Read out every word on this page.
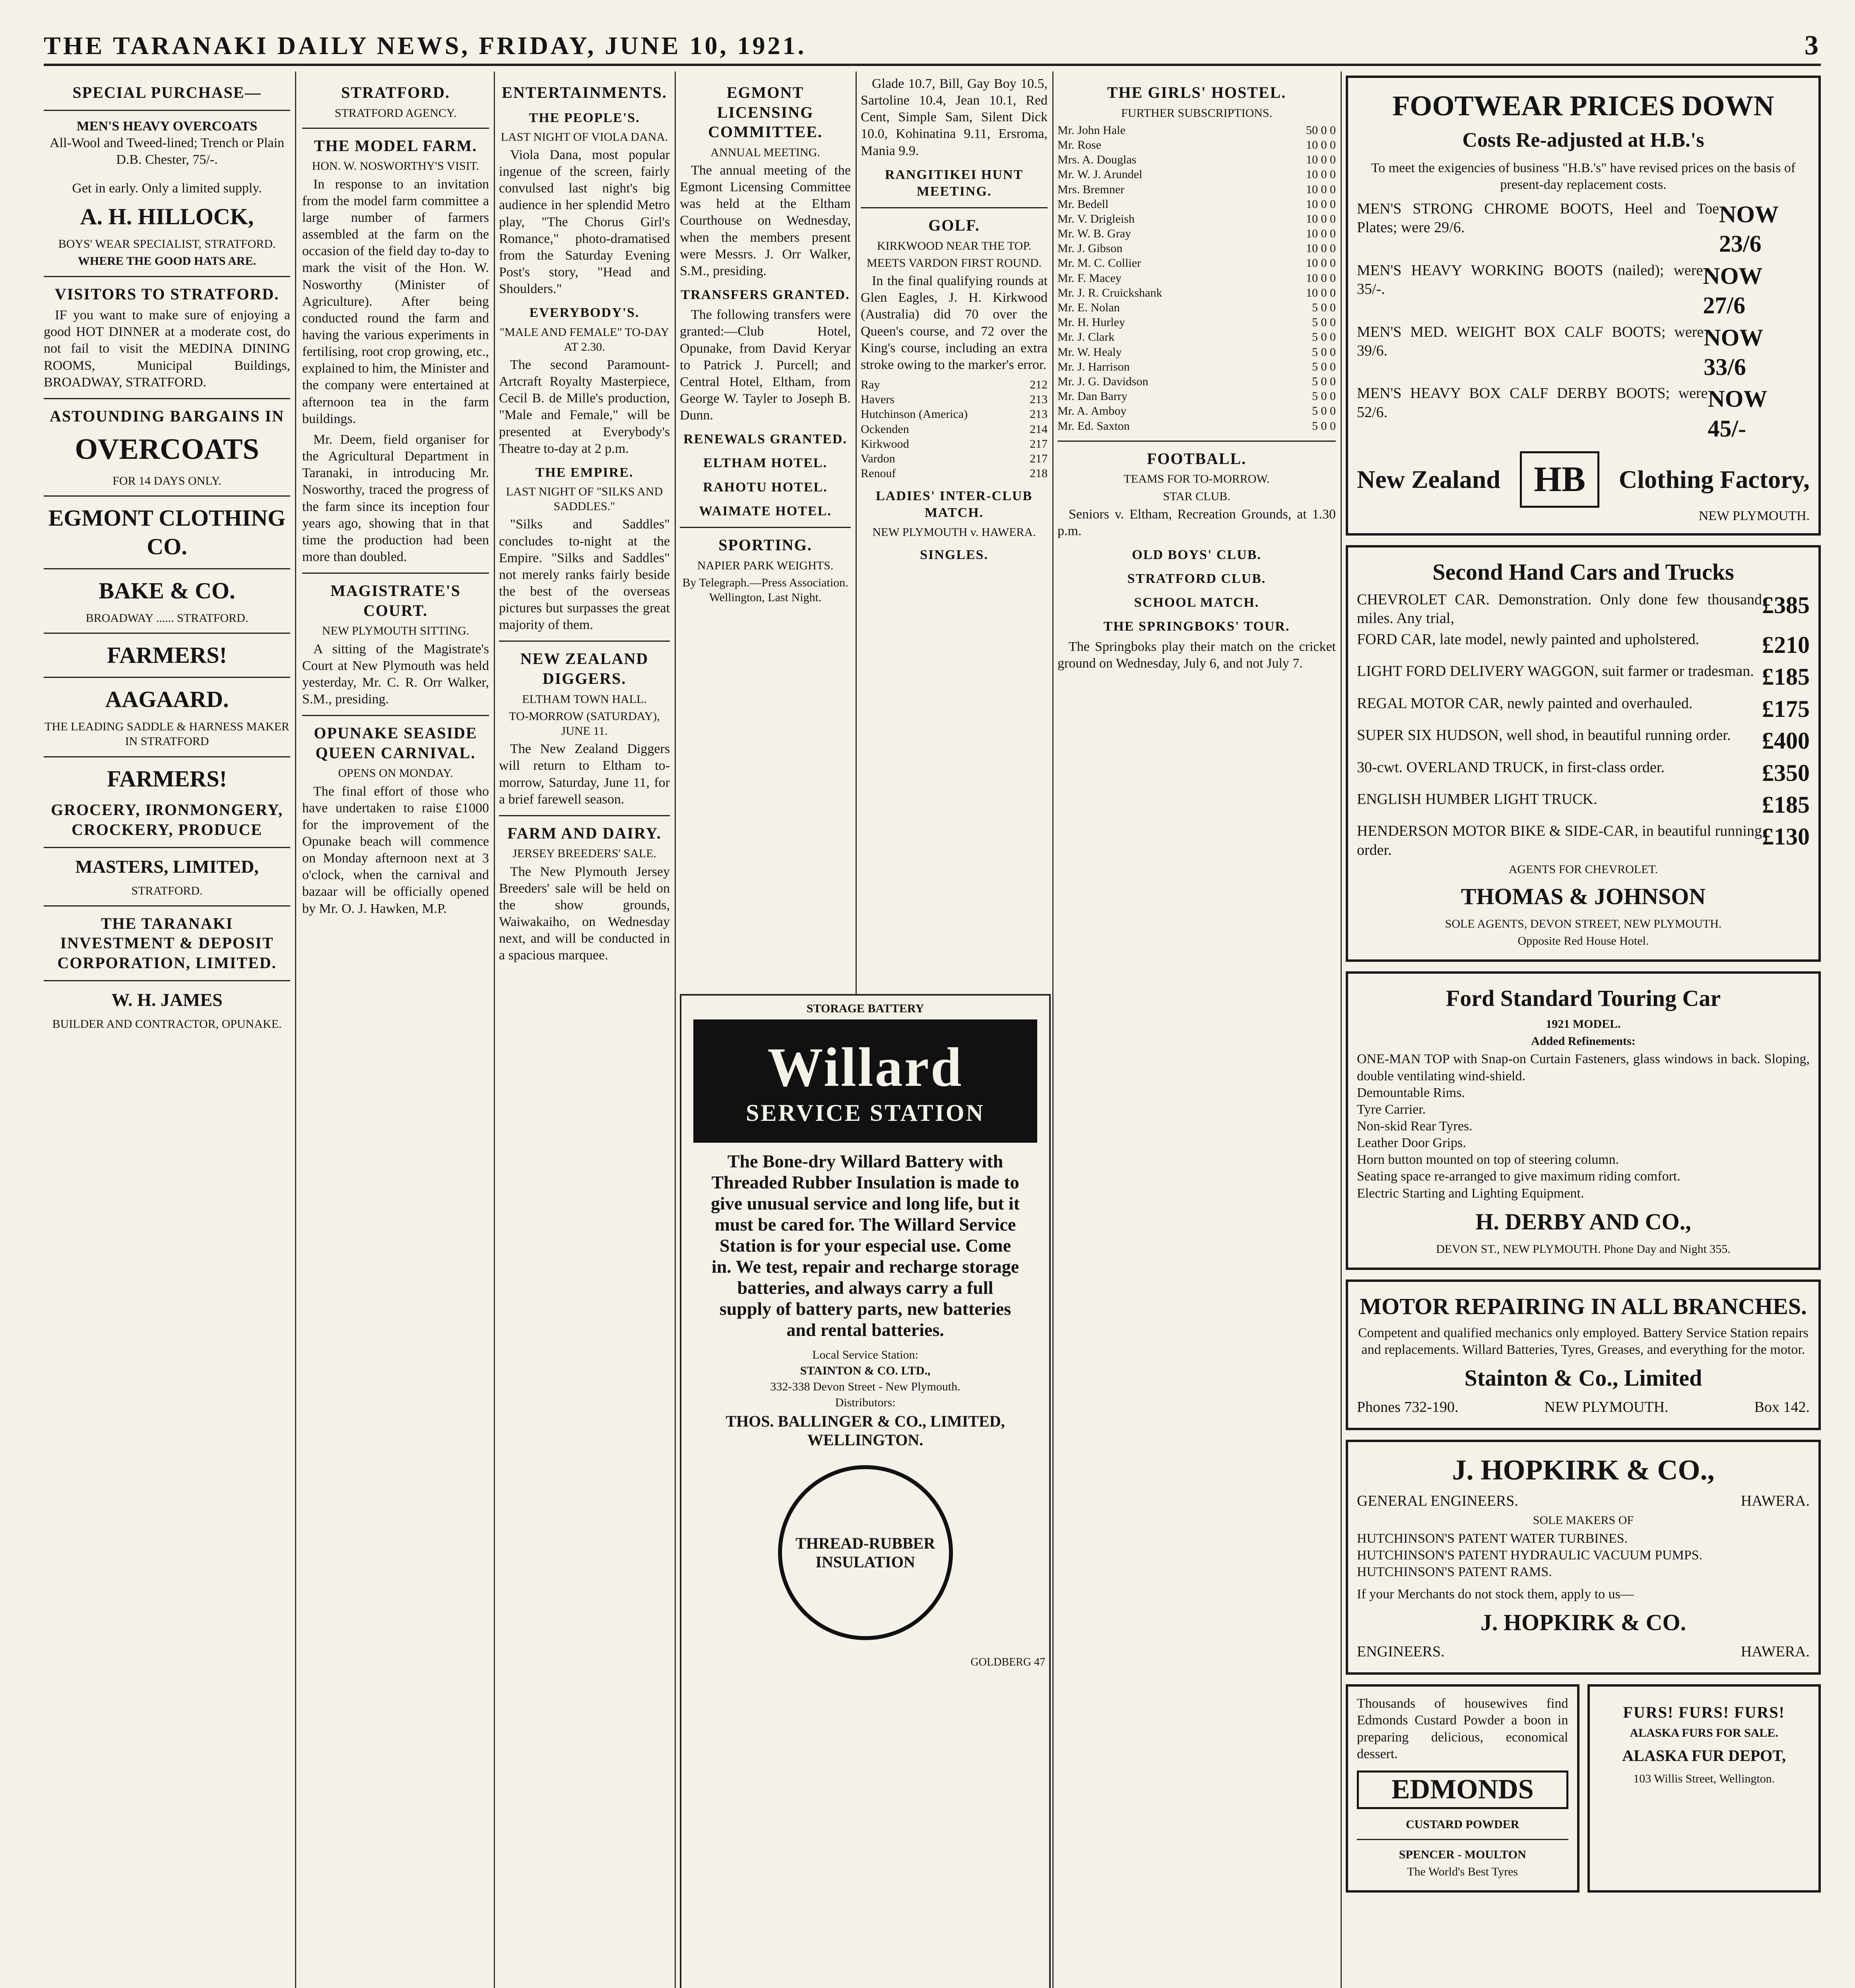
THE TARANAKI DAILY NEWS, FRIDAY, JUNE 10, 1921.	3
SPECIAL PURCHASE—
MEN'S HEAVY OVERCOATS
All-Wool and Tweed-lined; Trench or Plain D.B. Chester, 75/-.
Get in early. Only a limited supply.
A. H. HILLOCK,
BOYS' WEAR SPECIALIST, STRATFORD.
WHERE THE GOOD HATS ARE.
VISITORS TO STRATFORD.

IF you want to make sure of enjoying a good HOT DINNER at a moderate cost, do not fail to visit the MEDINA DINING ROOMS, Municipal Buildings, BROADWAY, STRATFORD.

ASTOUNDING BARGAINS IN
OVERCOATS
FOR 14 DAYS ONLY.
EGMONT CLOTHING CO.
BAKE & CO.
BROADWAY ...... STRATFORD.
FARMERS!
AAGAARD.
THE LEADING SADDLE & HARNESS MAKER IN STRATFORD
FARMERS!
GROCERY, IRONMONGERY, CROCKERY, PRODUCE
MASTERS, LIMITED,
STRATFORD.
THE TARANAKI INVESTMENT & DEPOSIT CORPORATION, LIMITED.
W. H. JAMES
BUILDER AND CONTRACTOR, OPUNAKE.
STRATFORD.
STRATFORD AGENCY.
THE MODEL FARM.
HON. W. NOSWORTHY'S VISIT.

In response to an invitation from the model farm committee a large number of farmers assembled at the farm on the occasion of the field day to-day to mark the visit of the Hon. W. Nosworthy (Minister of Agriculture). After being conducted round the farm and having the various experiments in fertilising, root crop growing, etc., explained to him, the Minister and the company were entertained at afternoon tea in the farm buildings.

Mr. Deem, field organiser for the Agricultural Department in Taranaki, in introducing Mr. Nosworthy, traced the progress of the farm since its inception four years ago, showing that in that time the production had been more than doubled.

MAGISTRATE'S COURT.
NEW PLYMOUTH SITTING.

A sitting of the Magistrate's Court at New Plymouth was held yesterday, Mr. C. R. Orr Walker, S.M., presiding.

OPUNAKE SEASIDE QUEEN CARNIVAL.
OPENS ON MONDAY.

The final effort of those who have undertaken to raise £1000 for the improvement of the Opunake beach will commence on Monday afternoon next at 3 o'clock, when the carnival and bazaar will be officially opened by Mr. O. J. Hawken, M.P.

ENTERTAINMENTS.
THE PEOPLE'S.
LAST NIGHT OF VIOLA DANA.

Viola Dana, most popular ingenue of the screen, fairly convulsed last night's big audience in her splendid Metro play, "The Chorus Girl's Romance," photo-dramatised from the Saturday Evening Post's story, "Head and Shoulders."

EVERYBODY'S.
"MALE AND FEMALE" TO-DAY AT 2.30.

The second Paramount-Artcraft Royalty Masterpiece, Cecil B. de Mille's production, "Male and Female," will be presented at Everybody's Theatre to-day at 2 p.m.

THE EMPIRE.
LAST NIGHT OF "SILKS AND SADDLES."

"Silks and Saddles" concludes to-night at the Empire. "Silks and Saddles" not merely ranks fairly beside the best of the overseas pictures but surpasses the great majority of them.

NEW ZEALAND DIGGERS.
ELTHAM TOWN HALL.
TO-MORROW (SATURDAY), JUNE 11.

The New Zealand Diggers will return to Eltham to-morrow, Saturday, June 11, for a brief farewell season.

FARM AND DAIRY.
JERSEY BREEDERS' SALE.

The New Plymouth Jersey Breeders' sale will be held on the show grounds, Waiwakaiho, on Wednesday next, and will be conducted in a spacious marquee.

EGMONT LICENSING COMMITTEE.
ANNUAL MEETING.

The annual meeting of the Egmont Licensing Committee was held at the Eltham Courthouse on Wednesday, when the members present were Messrs. J. Orr Walker, S.M., presiding.

TRANSFERS GRANTED.

The following transfers were granted:—Club Hotel, Opunake, from David Keryar to Patrick J. Purcell; and Central Hotel, Eltham, from George W. Tayler to Joseph B. Dunn.

RENEWALS GRANTED.
ELTHAM HOTEL.
RAHOTU HOTEL.
WAIMATE HOTEL.
SPORTING.
NAPIER PARK WEIGHTS.
By Telegraph.—Press Association. Wellington, Last Night.

Glade 10.7, Bill, Gay Boy 10.5, Sartoline 10.4, Jean 10.1, Red Cent, Simple Sam, Silent Dick 10.0, Kohinatina 9.11, Ersroma, Mania 9.9.

RANGITIKEI HUNT MEETING.
GOLF.
KIRKWOOD NEAR THE TOP.
MEETS VARDON FIRST ROUND.

In the final qualifying rounds at Glen Eagles, J. H. Kirkwood (Australia) did 70 over the Queen's course, and 72 over the King's course, including an extra stroke owing to the marker's error.

Ray	212
Havers	213
Hutchinson (America)	213
Ockenden	214
Kirkwood	217
Vardon	217
Renouf	218
LADIES' INTER-CLUB MATCH.
NEW PLYMOUTH v. HAWERA.
SINGLES.
STORAGE BATTERY
Willard
SERVICE STATION
The Bone-dry Willard Battery with Threaded Rubber Insulation is made to give unusual service and long life, but it must be cared for. The Willard Service Station is for your especial use. Come in. We test, repair and recharge storage batteries, and always carry a full supply of battery parts, new batteries and rental batteries.
Local Service Station:
STAINTON & CO. LTD.,
332-338 Devon Street - New Plymouth.
Distributors:
THOS. BALLINGER & CO., LIMITED, WELLINGTON.
THREAD-RUBBER INSULATION
GOLDBERG 47
THE GIRLS' HOSTEL.
FURTHER SUBSCRIPTIONS.
Mr. John Hale	50 0 0
Mr. Rose	10 0 0
Mrs. A. Douglas	10 0 0
Mr. W. J. Arundel	10 0 0
Mrs. Bremner	10 0 0
Mr. Bedell	10 0 0
Mr. V. Drigleish	10 0 0
Mr. W. B. Gray	10 0 0
Mr. J. Gibson	10 0 0
Mr. M. C. Collier	10 0 0
Mr. F. Macey	10 0 0
Mr. J. R. Cruickshank	10 0 0
Mr. E. Nolan	5 0 0
Mr. H. Hurley	5 0 0
Mr. J. Clark	5 0 0
Mr. W. Healy	5 0 0
Mr. J. Harrison	5 0 0
Mr. J. G. Davidson	5 0 0
Mr. Dan Barry	5 0 0
Mr. A. Amboy	5 0 0
Mr. Ed. Saxton	5 0 0
FOOTBALL.
TEAMS FOR TO-MORROW.
STAR CLUB.

Seniors v. Eltham, Recreation Grounds, at 1.30 p.m.

OLD BOYS' CLUB.
STRATFORD CLUB.
SCHOOL MATCH.
THE SPRINGBOKS' TOUR.

The Springboks play their match on the cricket ground on Wednesday, July 6, and not July 7.

FOOTWEAR PRICES DOWN
Costs Re-adjusted at H.B.'s
To meet the exigencies of business "H.B.'s" have revised prices on the basis of present-day replacement costs.
MEN'S STRONG CHROME BOOTS, Heel and Toe Plates; were 29/6.
NOW 23/6
MEN'S HEAVY WORKING BOOTS (nailed); were 35/-.
NOW 27/6
MEN'S MED. WEIGHT BOX CALF BOOTS; were 39/6.
NOW 33/6
MEN'S HEAVY BOX CALF DERBY BOOTS; were 52/6.
NOW 45/-
New Zealand HB	Clothing Factory,
NEW PLYMOUTH.
Second Hand Cars and Trucks
CHEVROLET CAR. Demonstration. Only done few thousand miles. Any trial,
£385
FORD CAR, late model, newly painted and upholstered.	£210
LIGHT FORD DELIVERY WAGGON, suit farmer or tradesman. £185
REGAL MOTOR CAR, newly painted and overhauled.	£175
SUPER SIX HUDSON, well shod, in beautiful running order. £400
30-cwt. OVERLAND TRUCK, in first-class order.	£350
ENGLISH HUMBER LIGHT TRUCK.	£185
HENDERSON MOTOR BIKE & SIDE-CAR, in beautiful running order.
£130
AGENTS FOR CHEVROLET.
THOMAS & JOHNSON
SOLE AGENTS, DEVON STREET, NEW PLYMOUTH.
Opposite Red House Hotel.
Ford Standard Touring Car
1921 MODEL.
Added Refinements:
ONE-MAN TOP with Snap-on Curtain Fasteners, glass windows in back. Sloping, double ventilating wind-shield.
Demountable Rims.
Tyre Carrier.
Non-skid Rear Tyres.
Leather Door Grips.
Horn button mounted on top of steering column.
Seating space re-arranged to give maximum riding comfort.
Electric Starting and Lighting Equipment.
H. DERBY AND CO.,
DEVON ST., NEW PLYMOUTH. Phone Day and Night 355.
MOTOR REPAIRING IN ALL BRANCHES.
Competent and qualified mechanics only employed. Battery Service Station repairs and replacements. Willard Batteries, Tyres, Greases, and everything for the motor.
Stainton & Co., Limited
Phones 732-190.	NEW PLYMOUTH.	Box 142.
J. HOPKIRK & CO.,
GENERAL ENGINEERS.	HAWERA.
SOLE MAKERS OF
HUTCHINSON'S PATENT WATER TURBINES.
HUTCHINSON'S PATENT HYDRAULIC VACUUM PUMPS.
HUTCHINSON'S PATENT RAMS.
If your Merchants do not stock them, apply to us—
J. HOPKIRK & CO.
ENGINEERS.	HAWERA.
Thousands of housewives find Edmonds Custard Powder a boon in preparing delicious, economical dessert.
EDMONDS
CUSTARD POWDER
SPENCER - MOULTON
The World's Best Tyres
FURS! FURS! FURS!
ALASKA FURS FOR SALE.
ALASKA FUR DEPOT,
103 Willis Street, Wellington.
